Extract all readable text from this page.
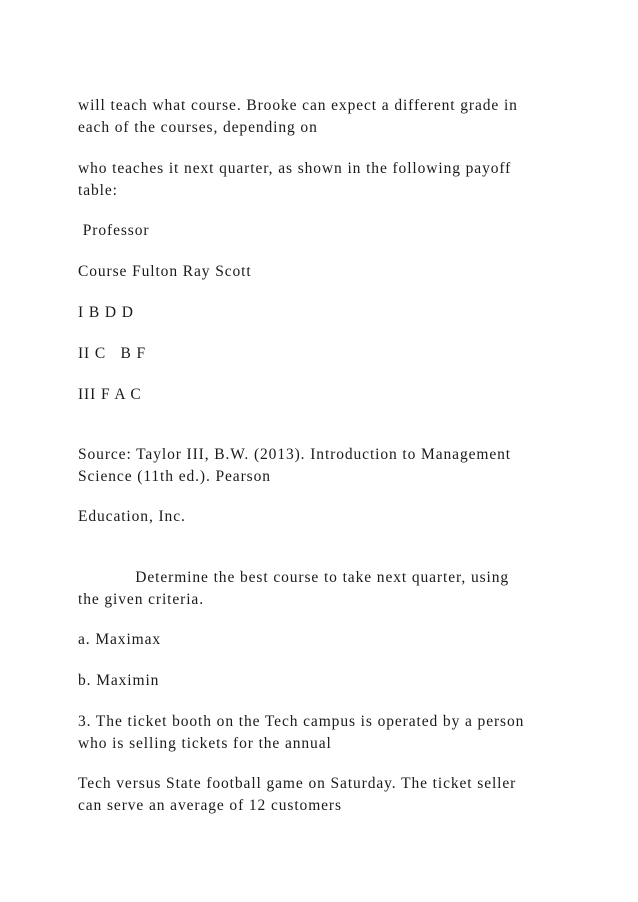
will teach what course. Brooke can expect a different grade in
each of the courses, depending on
who teaches it next quarter, as shown in the following payoff
table:
Professor
Course Fulton Ray Scott
I B D D
II C   B F
III F A C
Source: Taylor III, B.W. (2013). Introduction to Management
Science (11th ed.). Pearson
Education, Inc.
Determine the best course to take next quarter, using
the given criteria.
a. Maximax
b. Maximin
3. The ticket booth on the Tech campus is operated by a person
who is selling tickets for the annual
Tech versus State football game on Saturday. The ticket seller
can serve an average of 12 customers
